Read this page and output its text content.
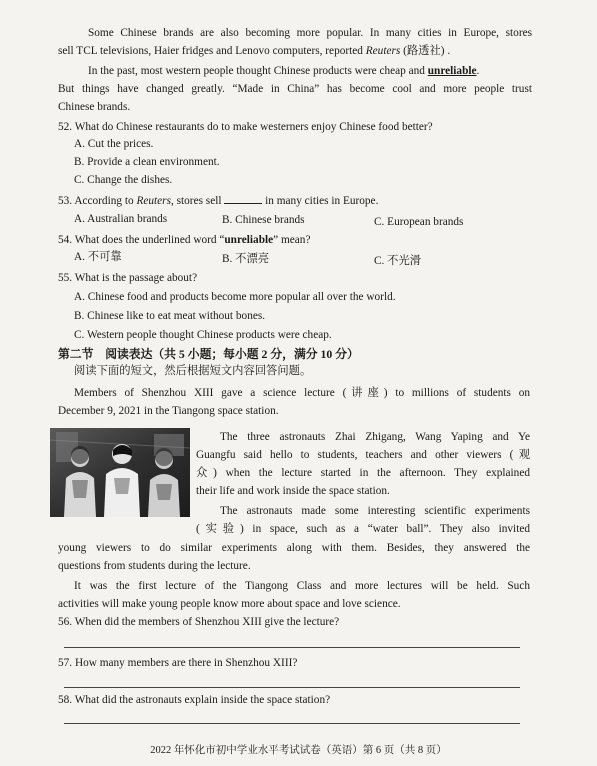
Some Chinese brands are also becoming more popular. In many cities in Europe, stores
sell TCL televisions, Haier fridges and Lenovo computers, reported Reuters (路透社) .
In the past, most western people thought Chinese products were cheap and unreliable.
But things have changed greatly. “Made in China” has become cool and more people trust
Chinese brands.
52. What do Chinese restaurants do to make westerners enjoy Chinese food better?
A. Cut the prices.
B. Provide a clean environment.
C. Change the dishes.
53. According to Reuters, stores sell	in many cities in Europe.
A. Australian brands	B. Chinese brands	C. European brands
54. What does the underlined word “unreliable” mean?
A. 不可靠	B. 不漂亮	C. 不光滑
55. What is the passage about?
A. Chinese food and products become more popular all over the world.
B. Chinese like to eat meat without bones.
C. Western people thought Chinese products were cheap.
第二节　阅读表达（共 5 小题；每小题 2 分，满分 10 分）
阅读下面的短文，然后根据短文内容回答问题。
Members of Shenzhou XIII gave a science lecture (讲座) to millions of students on
December 9, 2021 in the Tiangong space station.
The three astronauts Zhai Zhigang, Wang Yaping and Ye
Guangfu said hello to students, teachers and other viewers (观
众) when the lecture started in the afternoon. They explained
their life and work inside the space station.
The astronauts made some interesting scientific experiments
(实验) in space, such as a “water ball”. They also invited
young viewers to do similar experiments along with them. Besides, they answered the
questions from students during the lecture.
It was the first lecture of the Tiangong Class and more lectures will be held. Such
activities will make young people know more about space and love science.
56. When did the members of Shenzhou XIII give the lecture?
57. How many members are there in Shenzhou XIII?
58. What did the astronauts explain inside the space station?
2022 年怀化市初中学业水平考试试卷（英语）第 6 页（共 8 页）
